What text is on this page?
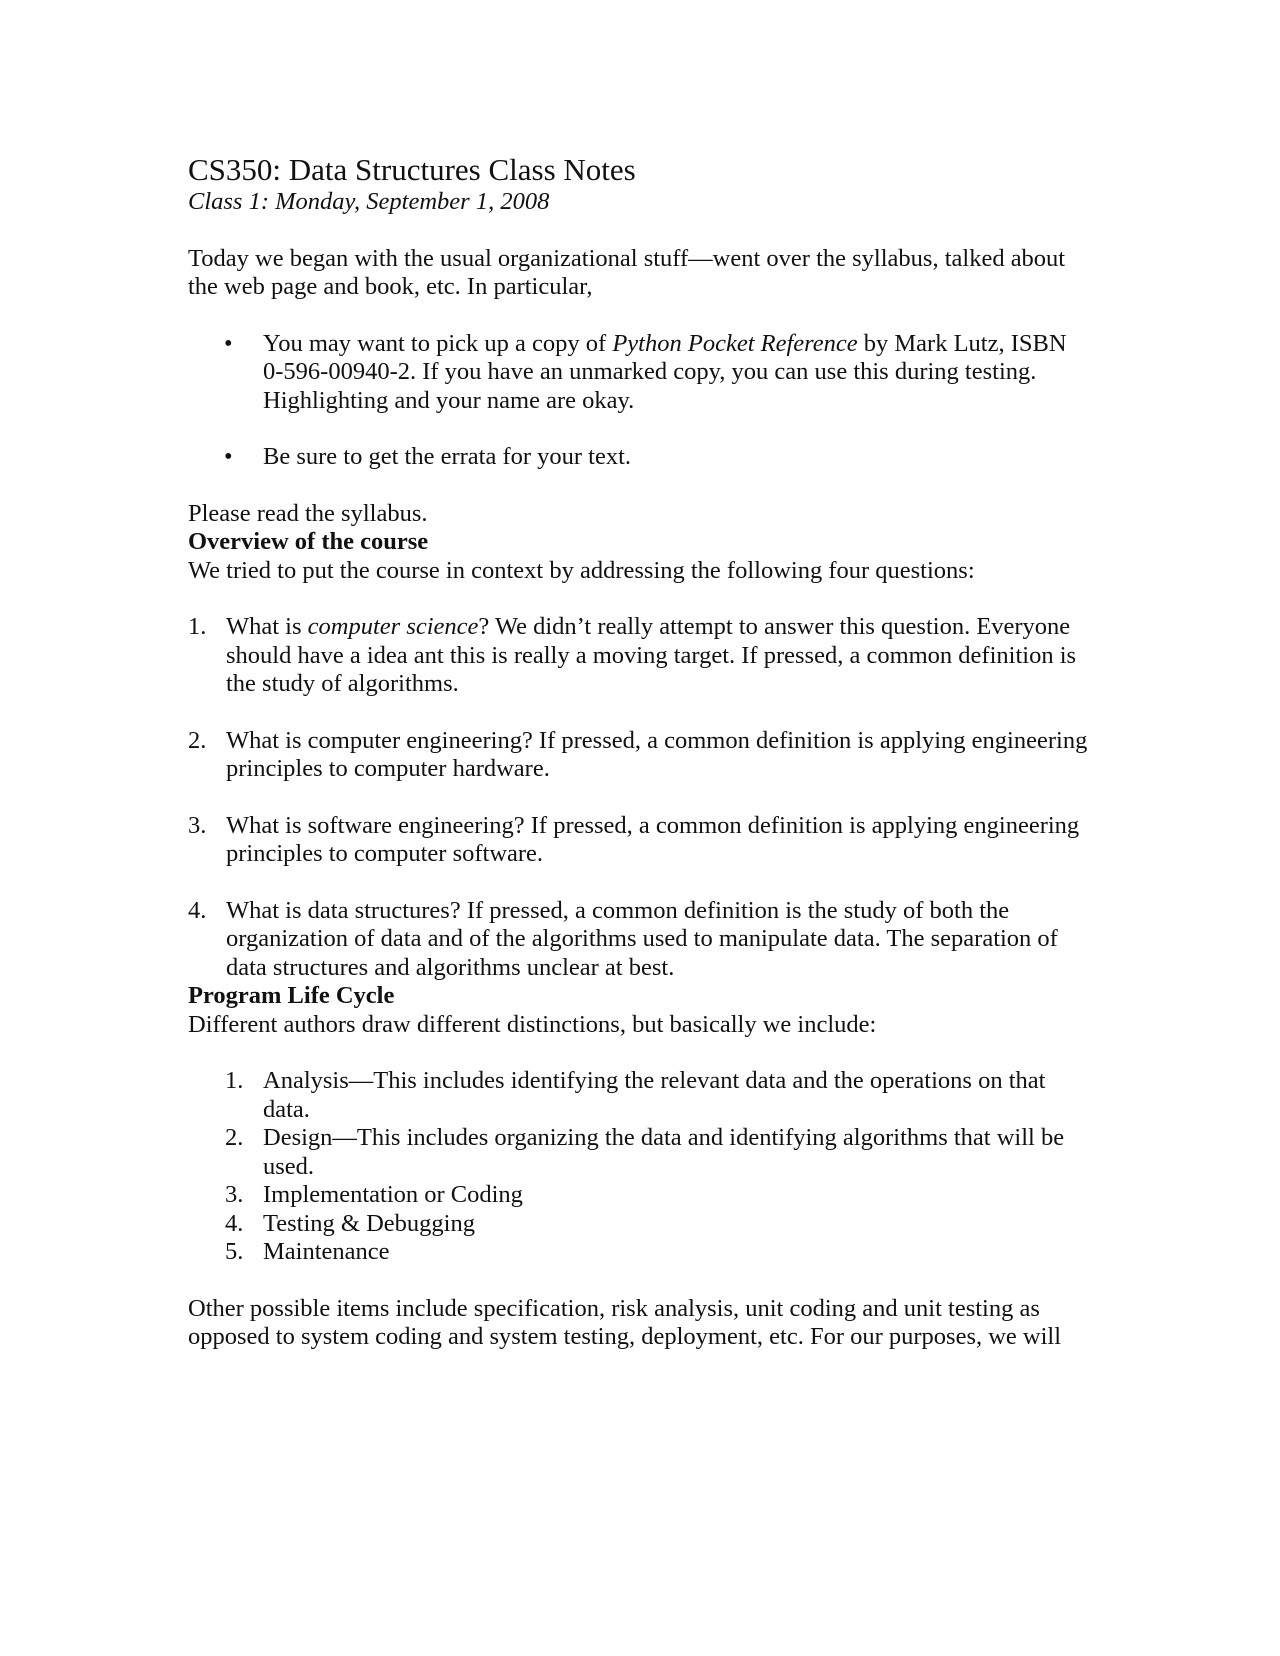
CS350: Data Structures Class Notes

Class 1: Monday, September 1, 2008

Today we began with the usual organizational stuff—went over the syllabus, talked about the web page and book, etc. In particular,

• You may want to pick up a copy of Python Pocket Reference by Mark Lutz, ISBN 0-596-00940-2. If you have an unmarked copy, you can use this during testing. Highlighting and your name are okay.
• Be sure to get the errata for your text.

Please read the syllabus.

Overview of the course

We tried to put the course in context by addressing the following four questions:

1. What is computer science? We didn’t really attempt to answer this question. Everyone should have a idea ant this is really a moving target. If pressed, a common definition is the study of algorithms.
2. What is computer engineering? If pressed, a common definition is applying engineering principles to computer hardware.
3. What is software engineering? If pressed, a common definition is applying engineering principles to computer software.
4. What is data structures? If pressed, a common definition is the study of both the organization of data and of the algorithms used to manipulate data. The separation of data structures and algorithms unclear at best.
Program Life Cycle

Different authors draw different distinctions, but basically we include:

1. Analysis—This includes identifying the relevant data and the operations on that data.
2. Design—This includes organizing the data and identifying algorithms that will be used.
3. Implementation or Coding
4. Testing & Debugging
5. Maintenance

Other possible items include specification, risk analysis, unit coding and unit testing as opposed to system coding and system testing, deployment, etc. For our purposes, we will
